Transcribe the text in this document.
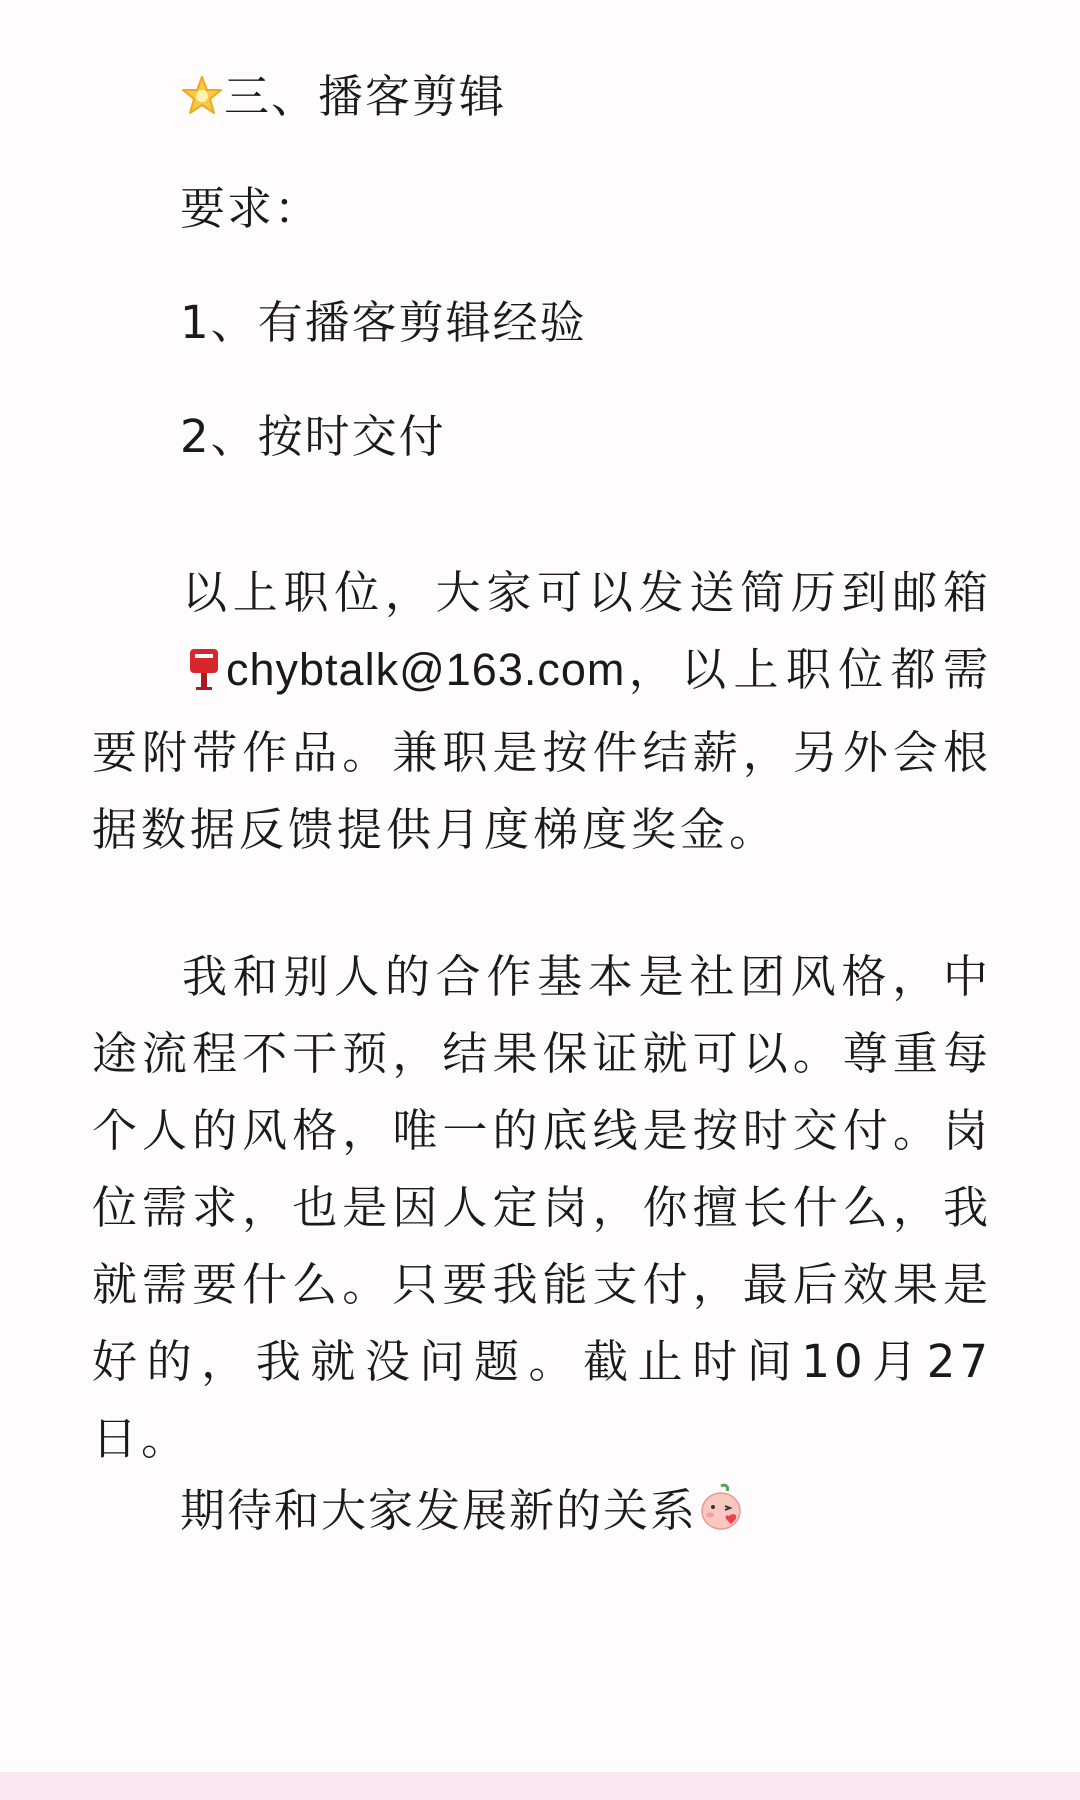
三、播客剪辑
要求：
1、有播客剪辑经验
2、按时交付
以上职位，大家可以发送简历到邮箱chybtalk@163.com，以上职位都需要附带作品。兼职是按件结薪，另外会根据数据反馈提供月度梯度奖金。
我和别人的合作基本是社团风格，中途流程不干预，结果保证就可以。尊重每个人的风格，唯一的底线是按时交付。岗位需求，也是因人定岗，你擅长什么，我就需要什么。只要我能支付，最后效果是好的，我就没问题。截止时间10月27日。
期待和大家发展新的关系
